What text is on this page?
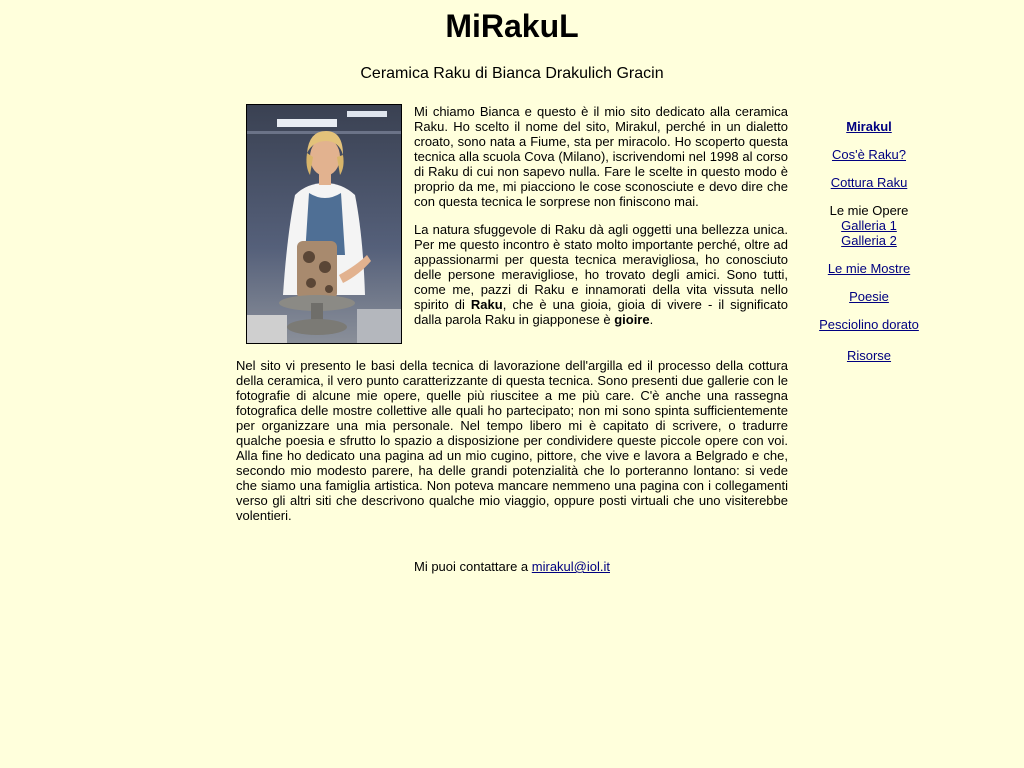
MiRakuL
Ceramica Raku di Bianca Drakulich Gracin

Mi chiamo Bianca e questo è il mio sito dedicato alla ceramica Raku. Ho scelto il nome del sito, Mirakul, perché in un dialetto croato, sono nata a Fiume, sta per miracolo. Ho scoperto questa tecnica alla scuola Cova (Milano), iscrivendomi nel 1998 al corso di Raku di cui non sapevo nulla. Fare le scelte in questo modo è proprio da me, mi piacciono le cose sconosciute e devo dire che con questa tecnica le sorprese non finiscono mai.

La natura sfuggevole di Raku dà agli oggetti una bellezza unica. Per me questo incontro è stato molto importante perché, oltre ad appassionarmi per questa tecnica meravigliosa, ho conosciuto delle persone meravigliose, ho trovato degli amici. Sono tutti, come me, pazzi di Raku e innamorati della vita vissuta nello spirito di Raku, che è una gioia, gioia di vivere - il significato dalla parola Raku in giapponese è gioire.

Nel sito vi presento le basi della tecnica di lavorazione dell'argilla ed il processo della cottura della ceramica, il vero punto caratterizzante di questa tecnica. Sono presenti due gallerie con le fotografie di alcune mie opere, quelle più riuscitee a me più care. C'è anche una rassegna fotografica delle mostre collettive alle quali ho partecipato; non mi sono spinta sufficientemente per organizzare una mia personale. Nel tempo libero mi è capitato di scrivere, o tradurre qualche poesia e sfrutto lo spazio a disposizione per condividere queste piccole opere con voi. Alla fine ho dedicato una pagina ad un mio cugino, pittore, che vive e lavora a Belgrado e che, secondo mio modesto parere, ha delle grandi potenzialità che lo porteranno lontano: si vede che siamo una famiglia artistica. Non poteva mancare nemmeno una pagina con i collegamenti verso gli altri siti che descrivono qualche mio viaggio, oppure posti virtuali che uno visiterebbe volentieri.

Mi puoi contattare a mirakul@iol.it
Mirakul
Cos'è Raku?
Cottura Raku
Le mie Opere
Galleria 1
Galleria 2
Le mie Mostre
Poesie
Pesciolino dorato
Risorse
